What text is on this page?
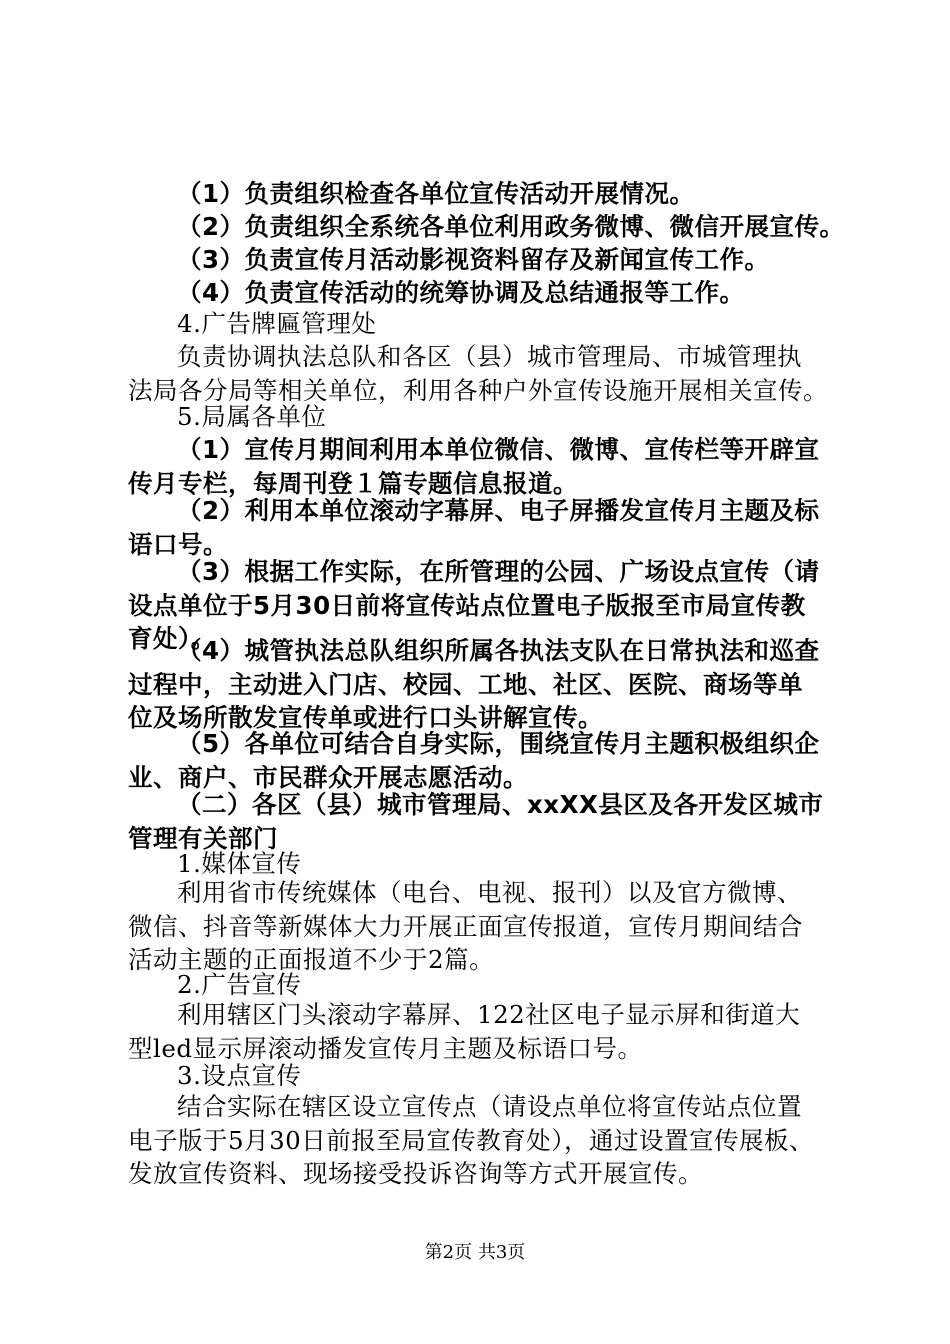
（1）负责组织检查各单位宣传活动开展情况。

（2）负责组织全系统各单位利用政务微博、微信开展宣传。

（3）负责宣传月活动影视资料留存及新闻宣传工作。

（4）负责宣传活动的统筹协调及总结通报等工作。

4.广告牌匾管理处

负责协调执法总队和各区（县）城市管理局、市城管理执
法局各分局等相关单位，利用各种户外宣传设施开展相关宣传。

5.局属各单位

（1）宣传月期间利用本单位微信、微博、宣传栏等开辟宣
传月专栏，每周刊登１篇专题信息报道。

（2）利用本单位滚动字幕屏、电子屏播发宣传月主题及标
语口号。

（3）根据工作实际，在所管理的公园、广场设点宣传（请
设点单位于5月30日前将宣传站点位置电子版报至市局宣传教
育处）。

（4）城管执法总队组织所属各执法支队在日常执法和巡查
过程中，主动进入门店、校园、工地、社区、医院、商场等单
位及场所散发宣传单或进行口头讲解宣传。

（5）各单位可结合自身实际，围绕宣传月主题积极组织企
业、商户、市民群众开展志愿活动。

（二）各区（县）城市管理局、xxXX县区及各开发区城市
管理有关部门

1.媒体宣传

利用省市传统媒体（电台、电视、报刊）以及官方微博、
微信、抖音等新媒体大力开展正面宣传报道，宣传月期间结合
活动主题的正面报道不少于2篇。

2.广告宣传

利用辖区门头滚动字幕屏、122社区电子显示屏和街道大
型led显示屏滚动播发宣传月主题及标语口号。

3.设点宣传

结合实际在辖区设立宣传点（请设点单位将宣传站点位置
电子版于5月30日前报至局宣传教育处），通过设置宣传展板、
发放宣传资料、现场接受投诉咨询等方式开展宣传。

第2页 共3页
